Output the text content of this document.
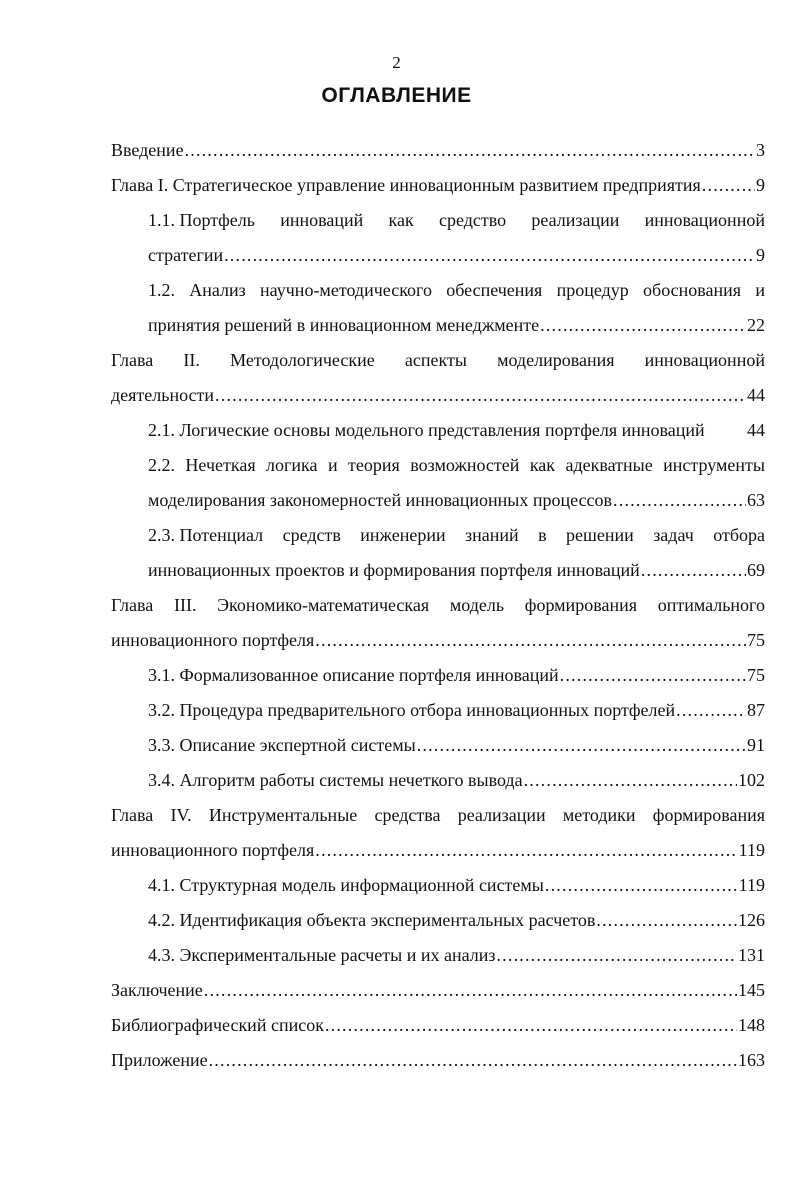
2
ОГЛАВЛЕНИЕ
Введение .....	3
Глава I. Стратегическое управление инновационным развитием предприятия .....	9
1.1. Портфель инноваций как средство реализации инновационной
стратегии .....	9
1.2. Анализ научно-методического обеспечения процедур обоснования и
принятия решений в инновационном менеджменте .....	22
Глава II. Методологические аспекты моделирования инновационной
деятельности .....	44
2.1. Логические основы модельного представления портфеля инноваций 44
2.2. Нечеткая логика и теория возможностей как адекватные инструменты
моделирования закономерностей инновационных процессов .....	63
2.3. Потенциал средств инженерии знаний в решении задач отбора
инновационных проектов и формирования портфеля инноваций .....	69
Глава III. Экономико-математическая модель формирования оптимального
инновационного портфеля .....	75
3.1. Формализованное описание портфеля инноваций .....	75
3.2. Процедура предварительного отбора инновационных портфелей .....	87
3.3. Описание экспертной системы .....	91
3.4. Алгоритм работы системы нечеткого вывода .....	102
Глава IV. Инструментальные средства реализации методики формирования
инновационного портфеля .....	119
4.1. Структурная модель информационной системы .....	119
4.2. Идентификация объекта экспериментальных расчетов .....	126
4.3. Экспериментальные расчеты и их анализ .....	131
Заключение .....	145
Библиографический список .....	148
Приложение .....	163
